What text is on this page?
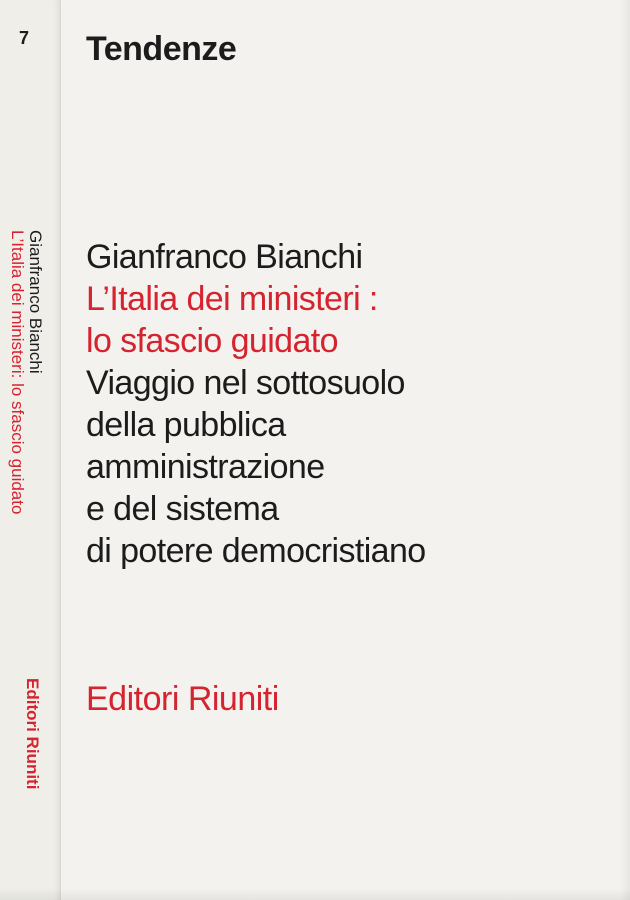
7
Gianfranco Bianchi
L’Italia dei ministeri: lo sfascio guidato
Editori Riuniti
Tendenze
Gianfranco Bianchi
L’Italia dei ministeri :
lo sfascio guidato
Viaggio nel sottosuolo
della pubblica
amministrazione
e del sistema
di potere democristiano
Editori Riuniti
